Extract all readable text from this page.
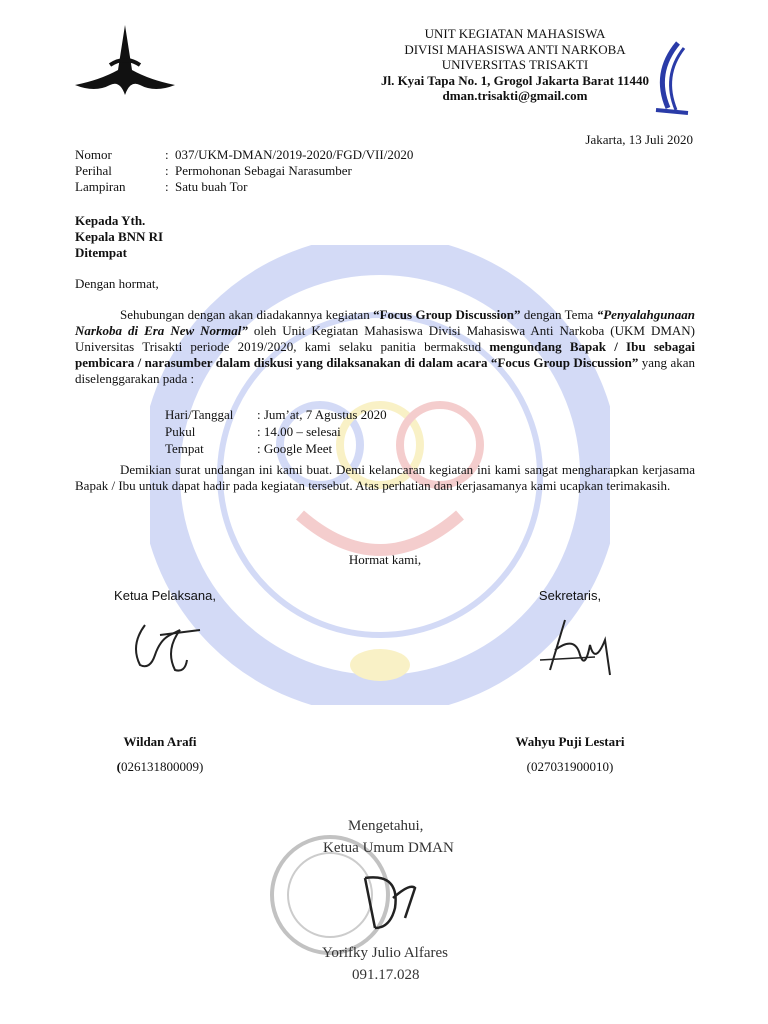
UNIT KEGIATAN MAHASISWA
DIVISI MAHASISWA ANTI NARKOBA
UNIVERSITAS TRISAKTI
Jl. Kyai Tapa No. 1, Grogol Jakarta Barat 11440
dman.trisakti@gmail.com
Jakarta, 13 Juli 2020
Nomor	: 037/UKM-DMAN/2019-2020/FGD/VII/2020
Perihal	: Permohonan Sebagai Narasumber
Lampiran	: Satu buah Tor
Kepada Yth.
Kepala BNN RI
Ditempat
Dengan hormat,
Sehubungan dengan akan diadakannya kegiatan “Focus Group Discussion” dengan Tema “Penyalahgunaan Narkoba di Era New Normal” oleh Unit Kegiatan Mahasiswa Divisi Mahasiswa Anti Narkoba (UKM DMAN) Universitas Trisakti periode 2019/2020, kami selaku panitia bermaksud mengundang Bapak / Ibu sebagai pembicara / narasumber dalam diskusi yang dilaksanakan di dalam acara “Focus Group Discussion” yang akan diselenggarakan pada :
Hari/Tanggal	: Jum’at, 7 Agustus 2020
Pukul	: 14.00 – selesai
Tempat	: Google Meet
Demikian surat undangan ini kami buat. Demi kelancaran kegiatan ini kami sangat mengharapkan kerjasama Bapak / Ibu untuk dapat hadir pada kegiatan tersebut. Atas perhatian dan kerjasamanya kami ucapkan terimakasih.
Hormat kami,
Ketua Pelaksana,	Sekretaris,
Wildan Arafi
(026131800009)
Wahyu Puji Lestari
(027031900010)
Mengetahui,
Ketua Umum DMAN
Yorifky Julio Alfares
091.17.028
